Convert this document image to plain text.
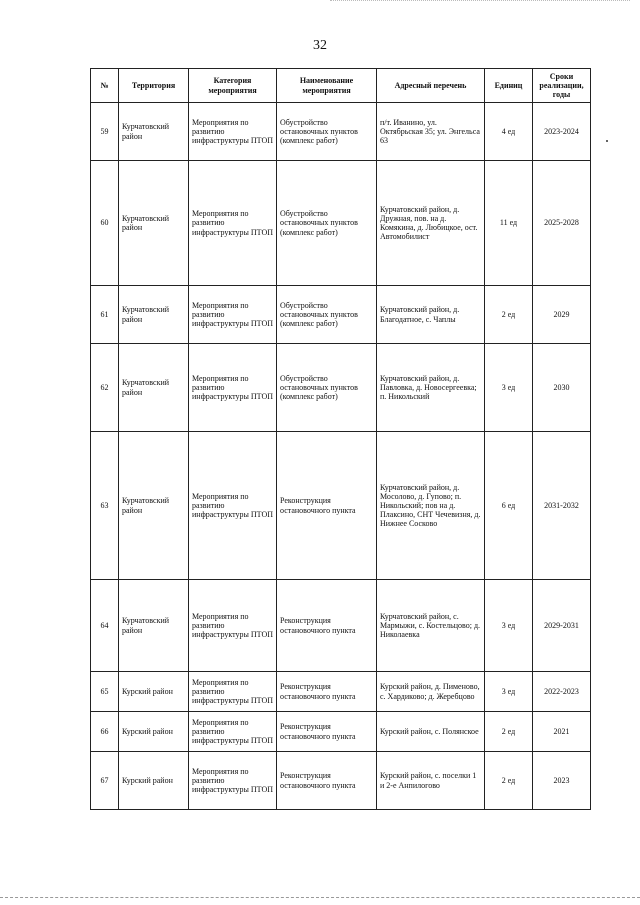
32
№	Территория	Категория мероприятия	Наименование мероприятия	Адресный перечень	Единиц	Сроки реализации, годы
59	Курчатовский район	Мероприятия по развитию инфраструктуры ПТОП	Обустройство остановочных пунктов (комплекс работ)	п/т. Иванино, ул. Октябрьская 35; ул. Энгельса 63	4 ед	2023-2024
60	Курчатовский район	Мероприятия по развитию инфраструктуры ПТОП	Обустройство остановочных пунктов (комплекс работ)	Курчатовский район, д. Дружная, пов. на д. Комякина, д. Любицкое, ост. Автомобилист	11 ед	2025-2028
61	Курчатовский район	Мероприятия по развитию инфраструктуры ПТОП	Обустройство остановочных пунктов (комплекс работ)	Курчатовский район, д. Благодатное, с. Чаплы	2 ед	2029
62	Курчатовский район	Мероприятия по развитию инфраструктуры ПТОП	Обустройство остановочных пунктов (комплекс работ)	Курчатовский район, д. Павловка, д. Новосергеевка; п. Никольский	3 ед	2030
63	Курчатовский район	Мероприятия по развитию инфраструктуры ПТОП	Реконструкция остановочного пункта	Курчатовский район, д. Мосолово, д. Гупово; п. Никольский; пов на д. Плаксино, СНТ Чечевизня, д. Нижнее Сосково	6 ед	2031-2032
64	Курчатовский район	Мероприятия по развитию инфраструктуры ПТОП	Реконструкция остановочного пункта	Курчатовский район, с. Мармыжи, с. Костельцово; д. Николаевка	3 ед	2029-2031
65	Курский район	Мероприятия по развитию инфраструктуры ПТОП	Реконструкция остановочного пункта	Курский район, д. Пименово, с. Хардиково; д. Жеребцово	3 ед	2022-2023
66	Курский район	Мероприятия по развитию инфраструктуры ПТОП	Реконструкция остановочного пункта	Курский район, с. Полянское	2 ед	2021
67	Курский район	Мероприятия по развитию инфраструктуры ПТОП	Реконструкция остановочного пункта	Курский район, с. поселки 1 и 2-е Анпилогово	2 ед	2023
